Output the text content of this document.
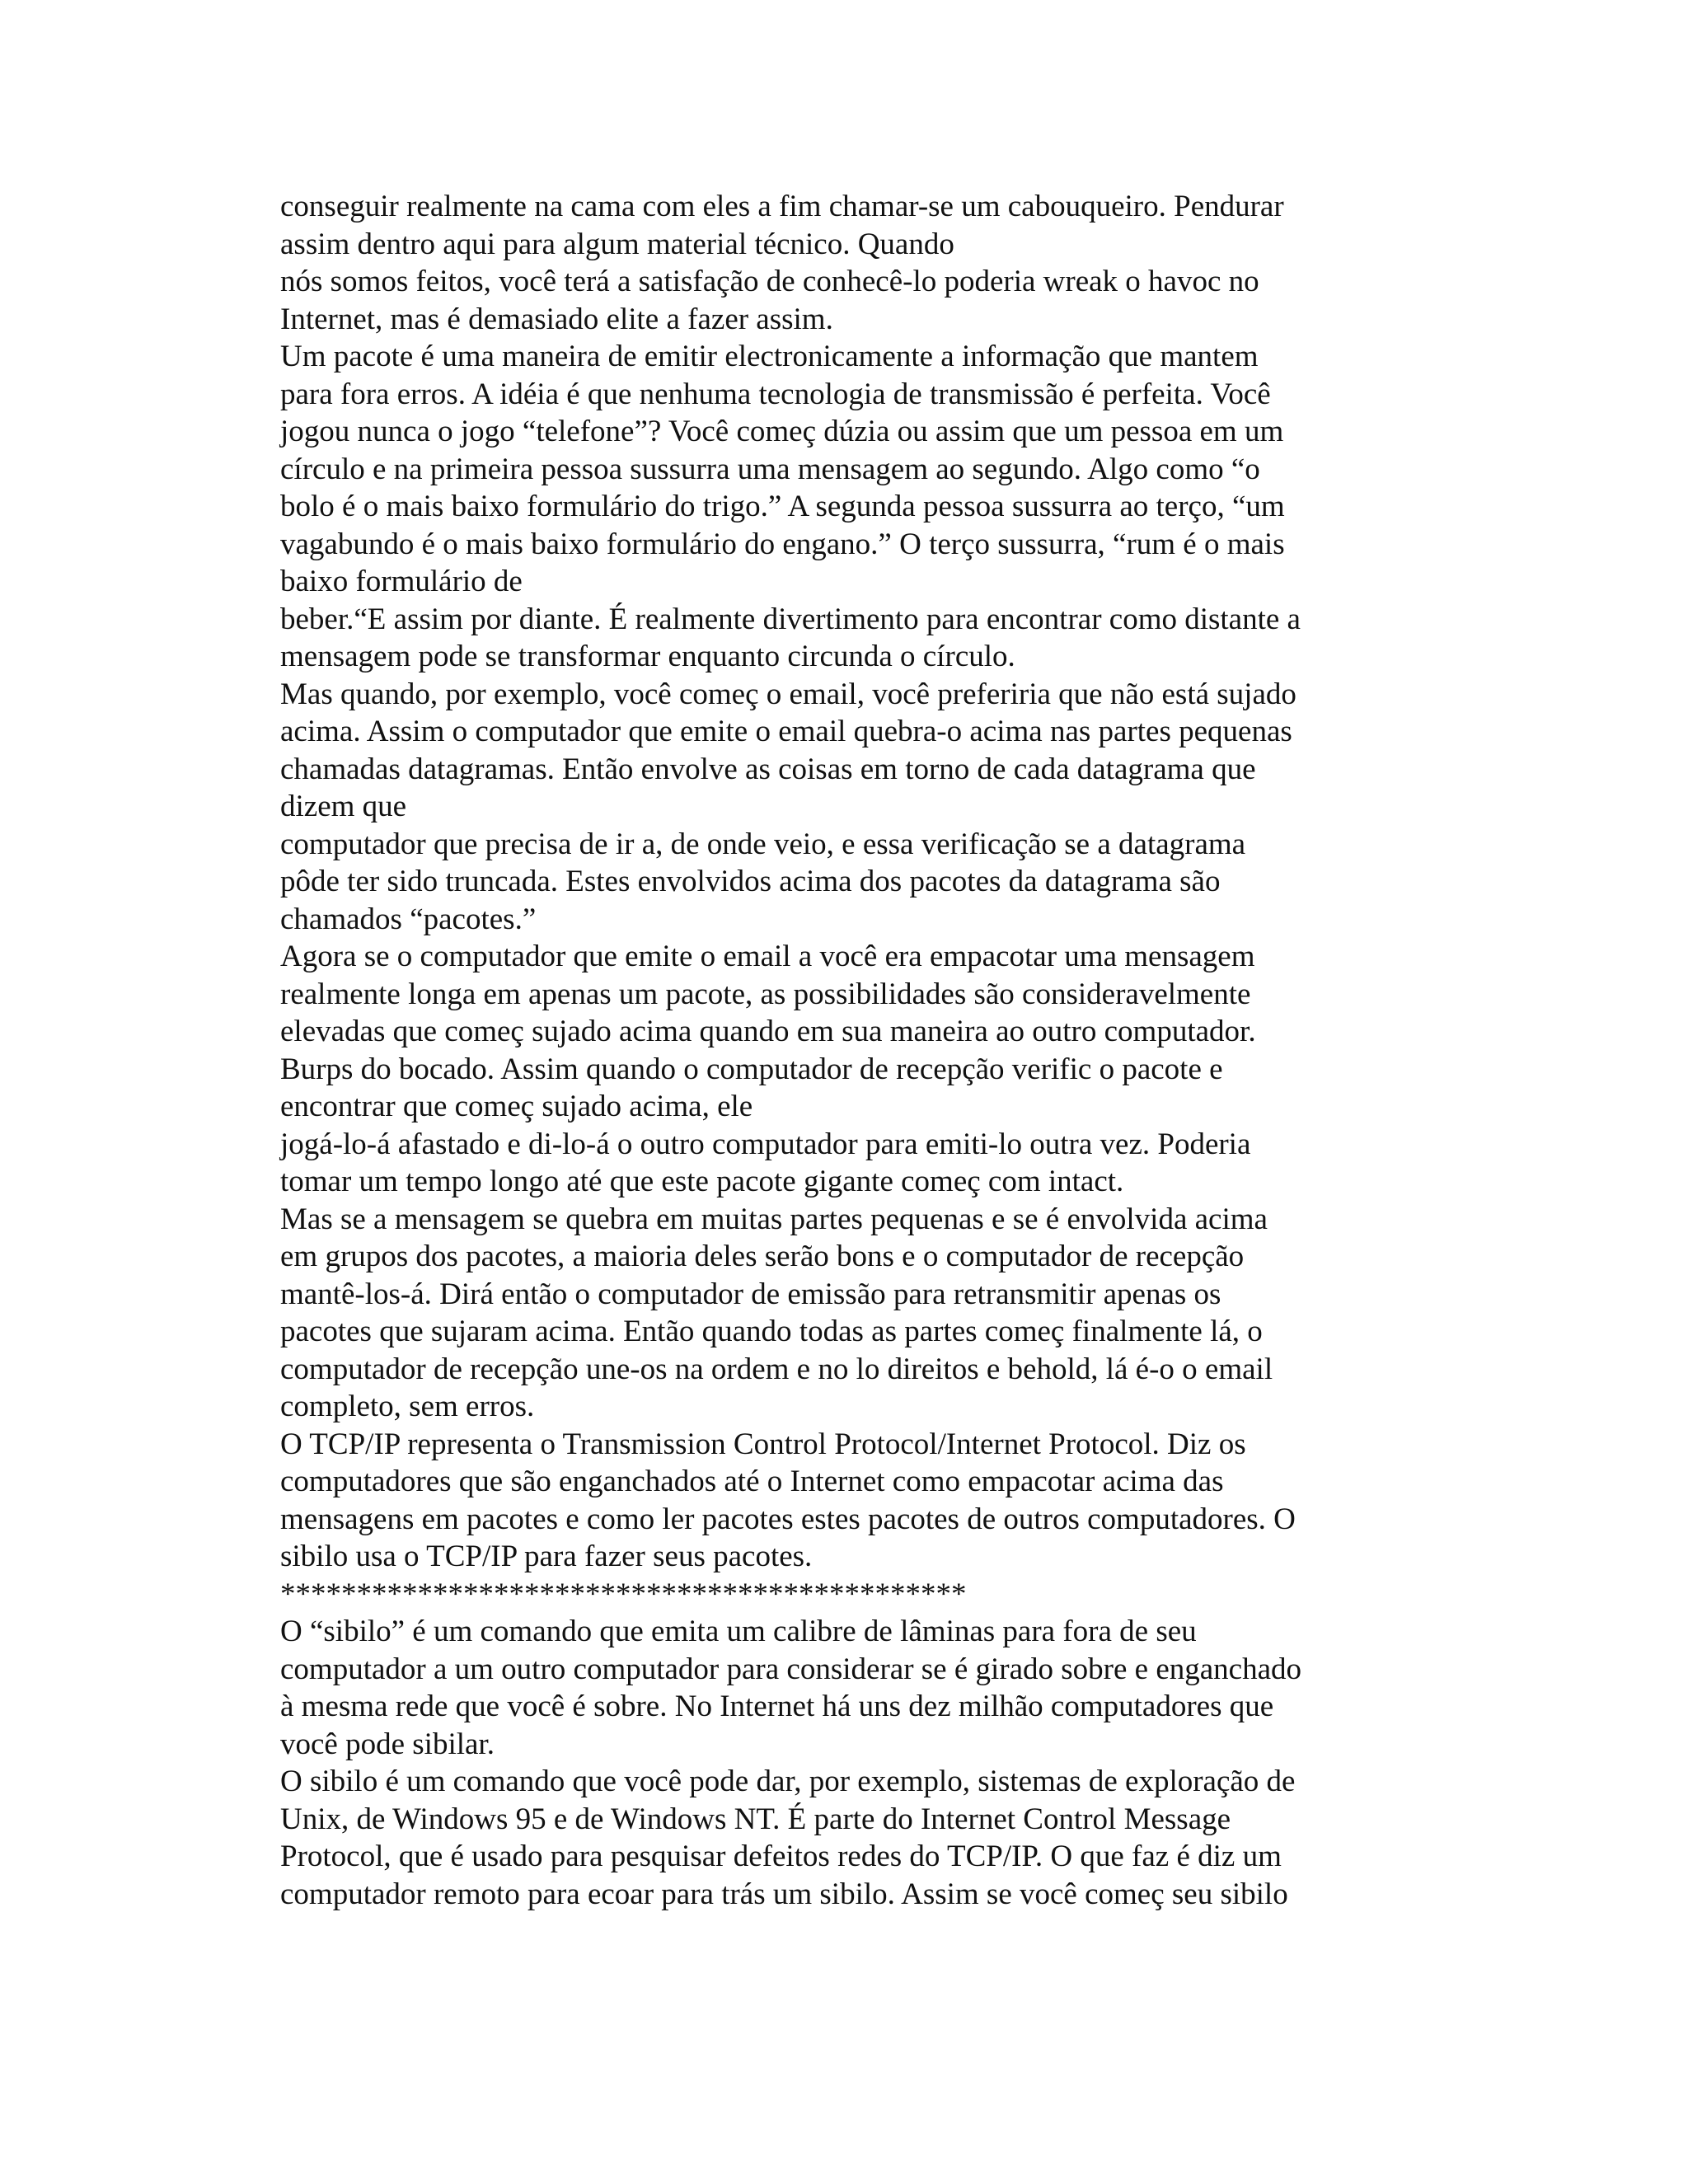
conseguir realmente na cama com eles a fim chamar-se um cabouqueiro. Pendurar
assim dentro aqui para algum material técnico. Quando
nós somos feitos, você terá a satisfação de conhecê-lo poderia wreak o havoc no
Internet, mas é demasiado elite a fazer assim.
Um pacote é uma maneira de emitir electronicamente a informação que mantem
para fora erros. A idéia é que nenhuma tecnologia de transmissão é perfeita. Você
jogou nunca o jogo “telefone”? Você começ dúzia ou assim que um pessoa em um
círculo e na primeira pessoa sussurra uma mensagem ao segundo. Algo como “o
bolo é o mais baixo formulário do trigo.” A segunda pessoa sussurra ao terço, “um
vagabundo é o mais baixo formulário do engano.” O terço sussurra, “rum é o mais
baixo formulário de
beber.“E assim por diante. É realmente divertimento para encontrar como distante a
mensagem pode se transformar enquanto circunda o círculo.
Mas quando, por exemplo, você começ o email, você preferiria que não está sujado
acima. Assim o computador que emite o email quebra-o acima nas partes pequenas
chamadas datagramas. Então envolve as coisas em torno de cada datagrama que
dizem que
computador que precisa de ir a, de onde veio, e essa verificação se a datagrama
pôde ter sido truncada. Estes envolvidos acima dos pacotes da datagrama são
chamados “pacotes.”
Agora se o computador que emite o email a você era empacotar uma mensagem
realmente longa em apenas um pacote, as possibilidades são consideravelmente
elevadas que começ sujado acima quando em sua maneira ao outro computador.
Burps do bocado. Assim quando o computador de recepção verific o pacote e
encontrar que começ sujado acima, ele
jogá-lo-á afastado e di-lo-á o outro computador para emiti-lo outra vez. Poderia
tomar um tempo longo até que este pacote gigante começ com intact.
Mas se a mensagem se quebra em muitas partes pequenas e se é envolvida acima
em grupos dos pacotes, a maioria deles serão bons e o computador de recepção
mantê-los-á. Dirá então o computador de emissão para retransmitir apenas os
pacotes que sujaram acima. Então quando todas as partes começ finalmente lá, o
computador de recepção une-os na ordem e no lo direitos e behold, lá é-o o email
completo, sem erros.
O TCP/IP representa o Transmission Control Protocol/Internet Protocol. Diz os
computadores que são enganchados até o Internet como empacotar acima das
mensagens em pacotes e como ler pacotes estes pacotes de outros computadores. O
sibilo usa o TCP/IP para fazer seus pacotes.
*********************************************
O “sibilo” é um comando que emita um calibre de lâminas para fora de seu
computador a um outro computador para considerar se é girado sobre e enganchado
à mesma rede que você é sobre. No Internet há uns dez milhão computadores que
você pode sibilar.
O sibilo é um comando que você pode dar, por exemplo, sistemas de exploração de
Unix, de Windows 95 e de Windows NT. É parte do Internet Control Message
Protocol, que é usado para pesquisar defeitos redes do TCP/IP. O que faz é diz um
computador remoto para ecoar para trás um sibilo. Assim se você começ seu sibilo
